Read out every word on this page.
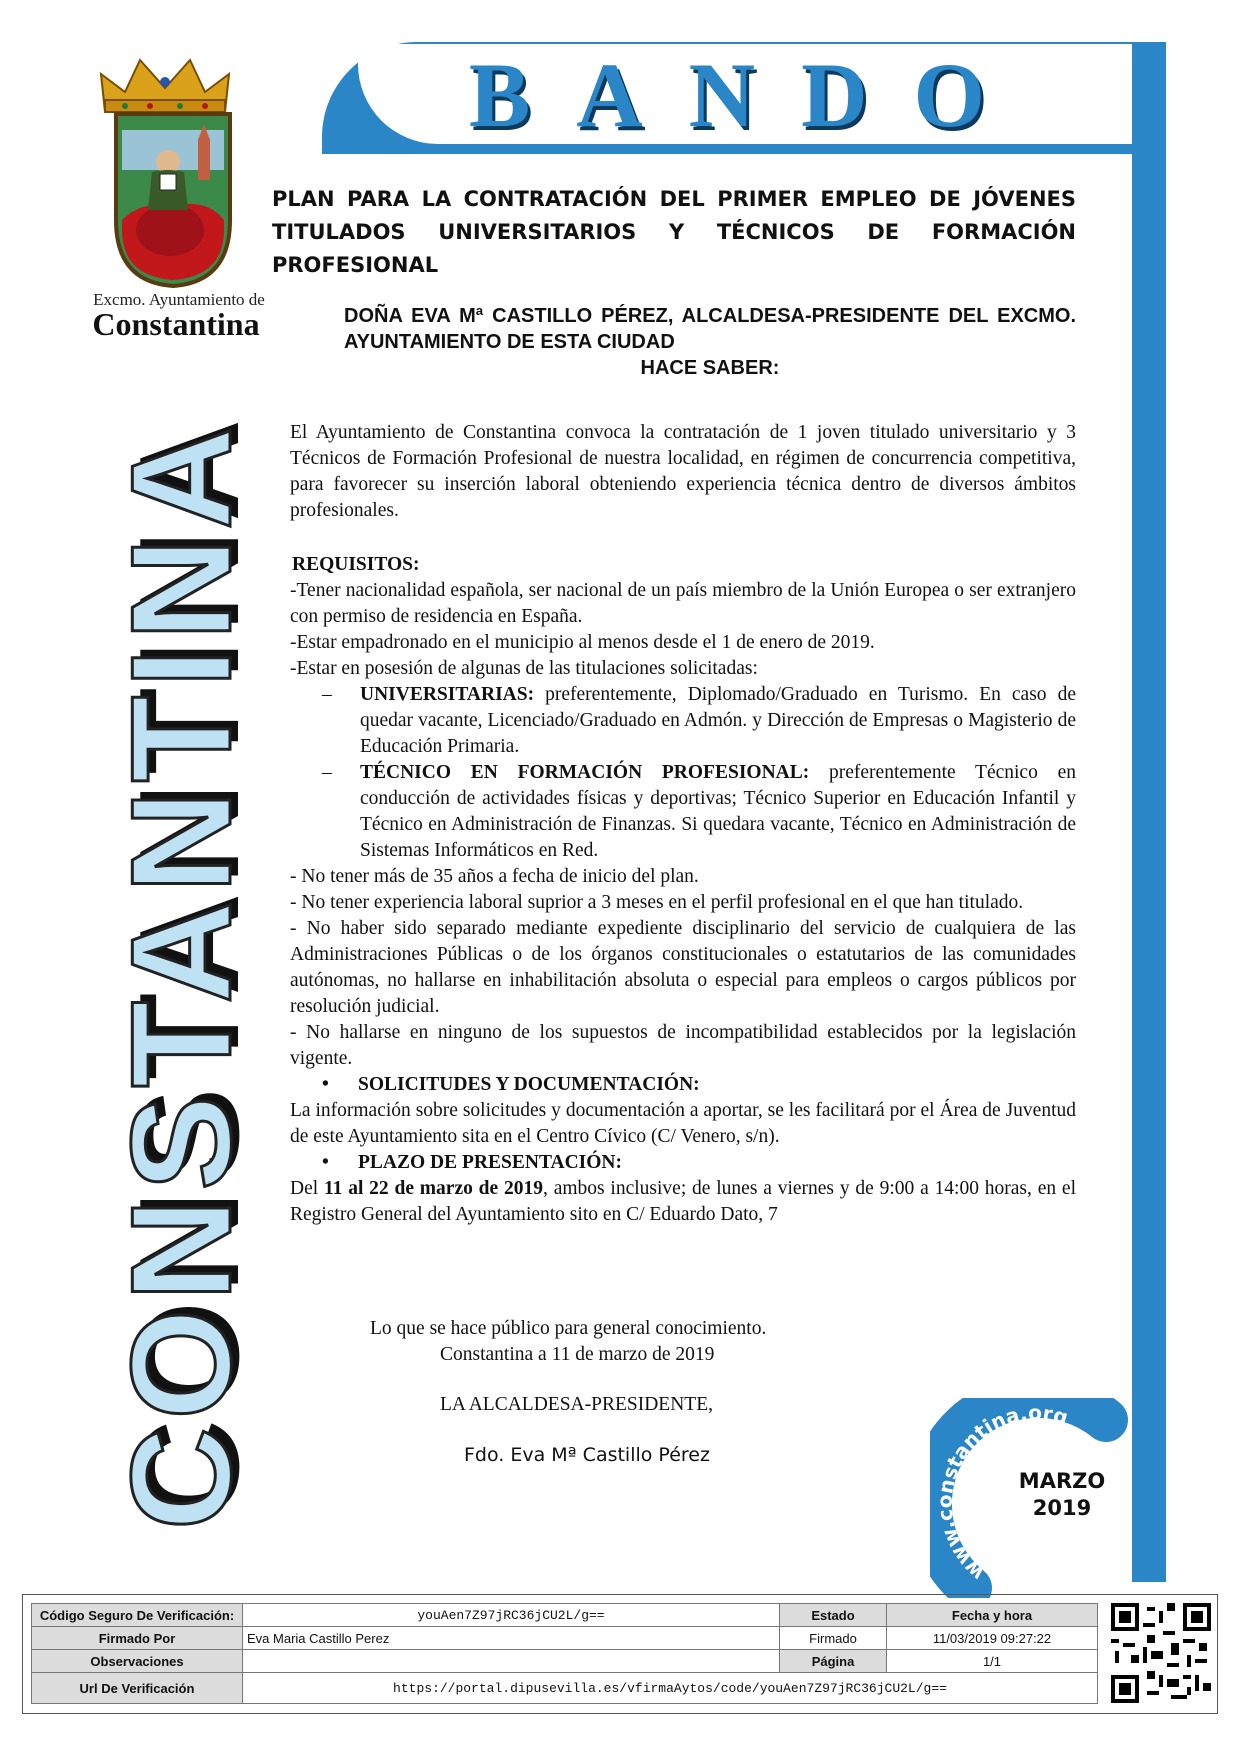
BANDO
Excmo. Ayuntamiento de
Constantina
CONSTANTINA
PLAN PARA LA CONTRATACIÓN DEL PRIMER EMPLEO DE JÓVENES TITULADOS UNIVERSITARIOS Y TÉCNICOS DE FORMACIÓN PROFESIONAL
DOÑA EVA Mª CASTILLO PÉREZ, ALCALDESA-PRESIDENTE DEL EXCMO. AYUNTAMIENTO DE ESTA CIUDAD
HACE SABER:
El Ayuntamiento de Constantina convoca la contratación de 1 joven titulado universitario y 3 Técnicos de Formación Profesional de nuestra localidad, en régimen de concurrencia competitiva, para favorecer su inserción laboral obteniendo experiencia técnica dentro de diversos ámbitos profesionales.
REQUISITOS:

-Tener nacionalidad española, ser nacional de un país miembro de la Unión Europea o ser extranjero con permiso de residencia en España.

-Estar empadronado en el municipio al menos desde el 1 de enero de 2019.

-Estar en posesión de algunas de las titulaciones solicitadas:

– UNIVERSITARIAS: preferentemente, Diplomado/Graduado en Turismo. En caso de quedar vacante, Licenciado/Graduado en Admón. y Dirección de Empresas o Magisterio de Educación Primaria.

– TÉCNICO EN FORMACIÓN PROFESIONAL: preferentemente Técnico en conducción de actividades físicas y deportivas; Técnico Superior en Educación Infantil y Técnico en Administración de Finanzas. Si quedara vacante, Técnico en Administración de Sistemas Informáticos en Red.

- No tener más de 35 años a fecha de inicio del plan.

- No tener experiencia laboral suprior a 3 meses en el perfil profesional en el que han titulado.

- No haber sido separado mediante expediente disciplinario del servicio de cualquiera de las Administraciones Públicas o de los órganos constitucionales o estatutarios de las comunidades autónomas, no hallarse en inhabilitación absoluta o especial para empleos o cargos públicos por resolución judicial.

- No hallarse en ninguno de los supuestos de incompatibilidad establecidos por la legislación vigente.

• SOLICITUDES Y DOCUMENTACIÓN:

La información sobre solicitudes y documentación a aportar, se les facilitará por el Área de Juventud de este Ayuntamiento sita en el Centro Cívico (C/ Venero, s/n).

• PLAZO DE PRESENTACIÓN:

Del 11 al 22 de marzo de 2019, ambos inclusive; de lunes a viernes y de 9:00 a 14:00 horas, en el Registro General del Ayuntamiento sito en C/ Eduardo Dato, 7

Lo que se hace público para general conocimiento.
Constantina a 11 de marzo de 2019
LA ALCALDESA-PRESIDENTE,
Fdo. Eva Mª Castillo Pérez
www.constantina.org
MARZO
2019
Código Seguro De Verificación:	youAen7Z97jRC36jCU2L/g==	Estado	Fecha y hora
Firmado Por	Eva Maria Castillo Perez	Firmado	11/03/2019 09:27:22
Observaciones		Página	1/1
Url De Verificación	https://portal.dipusevilla.es/vfirmaAytos/code/youAen7Z97jRC36jCU2L/g==		
